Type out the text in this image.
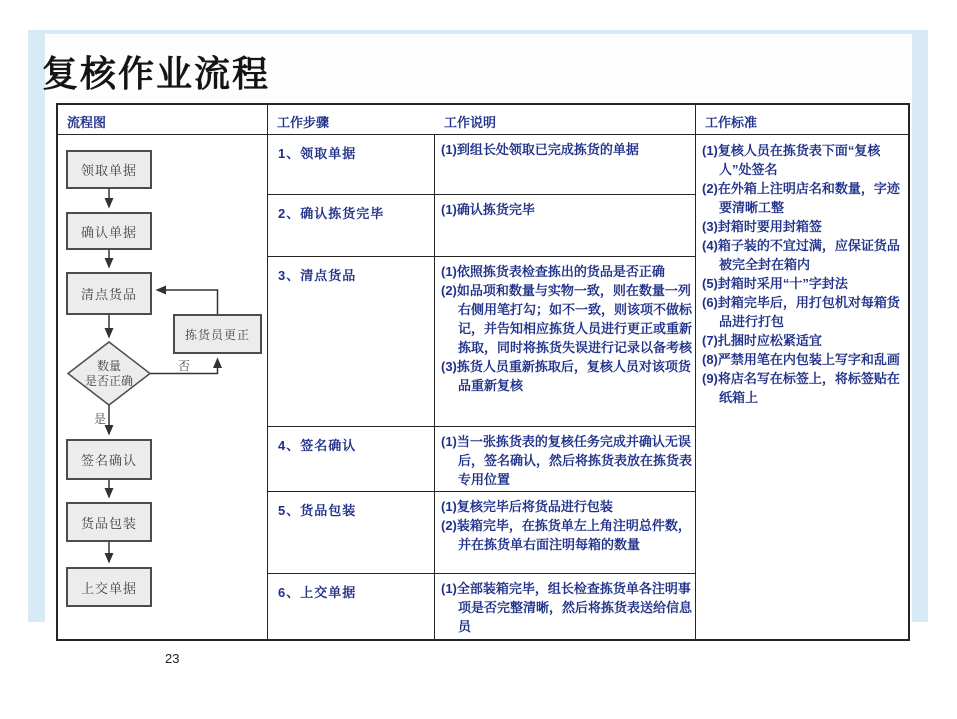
复核作业流程
流程图	工作步骤	工作说明	工作标准
领取单据
确认单据
清点货品
拣货员更正
数量
是否正确
否
是
签名确认
货品包装
上交单据
1、领取单据	(1)到组长处领取已完成拣货的单据
2、确认拣货完毕	(1)确认拣货完毕
3、清点货品	(1)依照拣货表检查拣出的货品是否正确
(2)如品项和数量与实物一致，则在数量一列右侧用笔打勾；如不一致，则该项不做标记，并告知相应拣货人员进行更正或重新拣取，同时将拣货失误进行记录以备考核
(3)拣货人员重新拣取后，复核人员对该项货品重新复核
4、签名确认	(1)当一张拣货表的复核任务完成并确认无误后，签名确认，然后将拣货表放在拣货表专用位置
5、货品包装	(1)复核完毕后将货品进行包装
(2)装箱完毕，在拣货单左上角注明总件数，并在拣货单右面注明每箱的数量
6、上交单据	(1)全部装箱完毕，组长检查拣货单各注明事项是否完整清晰，然后将拣货表送给信息员
(1)复核人员在拣货表下面“复核人”处签名
(2)在外箱上注明店名和数量，字迹要清晰工整
(3)封箱时要用封箱签
(4)箱子装的不宜过满，应保证货品被完全封在箱内
(5)封箱时采用“十”字封法
(6)封箱完毕后，用打包机对每箱货品进行打包
(7)扎捆时应松紧适宜
(8)严禁用笔在内包装上写字和乱画
(9)将店名写在标签上，将标签贴在纸箱上
23
